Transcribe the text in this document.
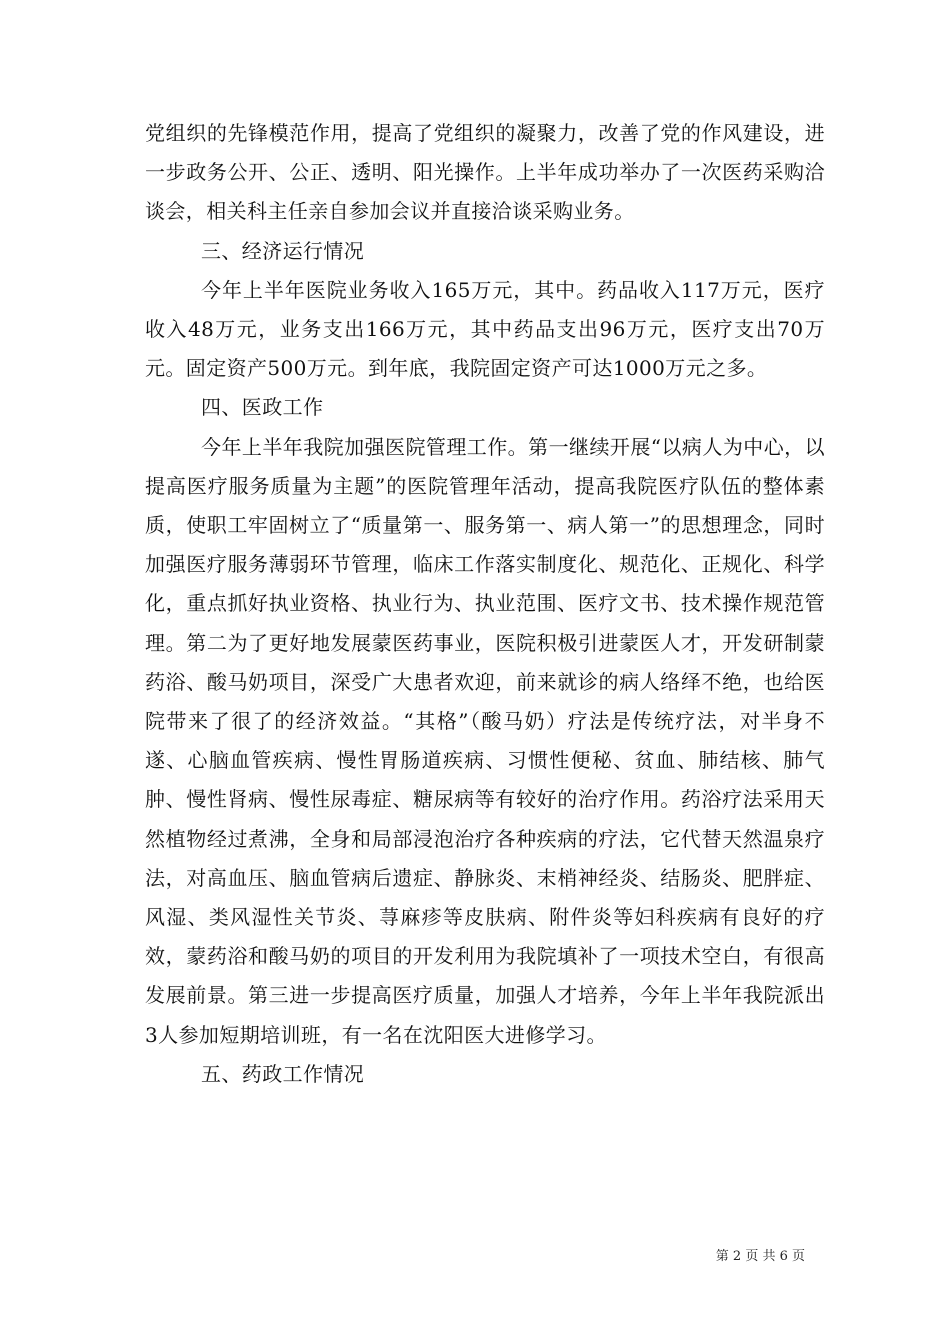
党组织的先锋模范作用，提高了党组织的凝聚力，改善了党的作风建设，进一步政务公开、公正、透明、阳光操作。上半年成功举办了一次医药采购洽谈会，相关科主任亲自参加会议并直接洽谈采购业务。

三、经济运行情况

今年上半年医院业务收入165万元，其中。药品收入117万元，医疗收入48万元，业务支出166万元，其中药品支出96万元，医疗支出70万元。固定资产500万元。到年底，我院固定资产可达1000万元之多。

四、医政工作

今年上半年我院加强医院管理工作。第一继续开展“以病人为中心，以提高医疗服务质量为主题”的医院管理年活动，提高我院医疗队伍的整体素质，使职工牢固树立了“质量第一、服务第一、病人第一”的思想理念，同时加强医疗服务薄弱环节管理，临床工作落实制度化、规范化、正规化、科学化，重点抓好执业资格、执业行为、执业范围、医疗文书、技术操作规范管理。第二为了更好地发展蒙医药事业，医院积极引进蒙医人才，开发研制蒙药浴、酸马奶项目，深受广大患者欢迎，前来就诊的病人络绎不绝，也给医院带来了很了的经济效益。“其格”（酸马奶）疗法是传统疗法，对半身不遂、心脑血管疾病、慢性胃肠道疾病、习惯性便秘、贫血、肺结核、肺气肿、慢性肾病、慢性尿毒症、糖尿病等有较好的治疗作用。药浴疗法采用天然植物经过煮沸，全身和局部浸泡治疗各种疾病的疗法，它代替天然温泉疗法，对高血压、脑血管病后遗症、静脉炎、末梢神经炎、结肠炎、肥胖症、风湿、类风湿性关节炎、荨麻疹等皮肤病、附件炎等妇科疾病有良好的疗效，蒙药浴和酸马奶的项目的开发利用为我院填补了一项技术空白，有很高发展前景。第三进一步提高医疗质量，加强人才培养，今年上半年我院派出3人参加短期培训班，有一名在沈阳医大进修学习。

五、药政工作情况

第 2 页 共 6 页
